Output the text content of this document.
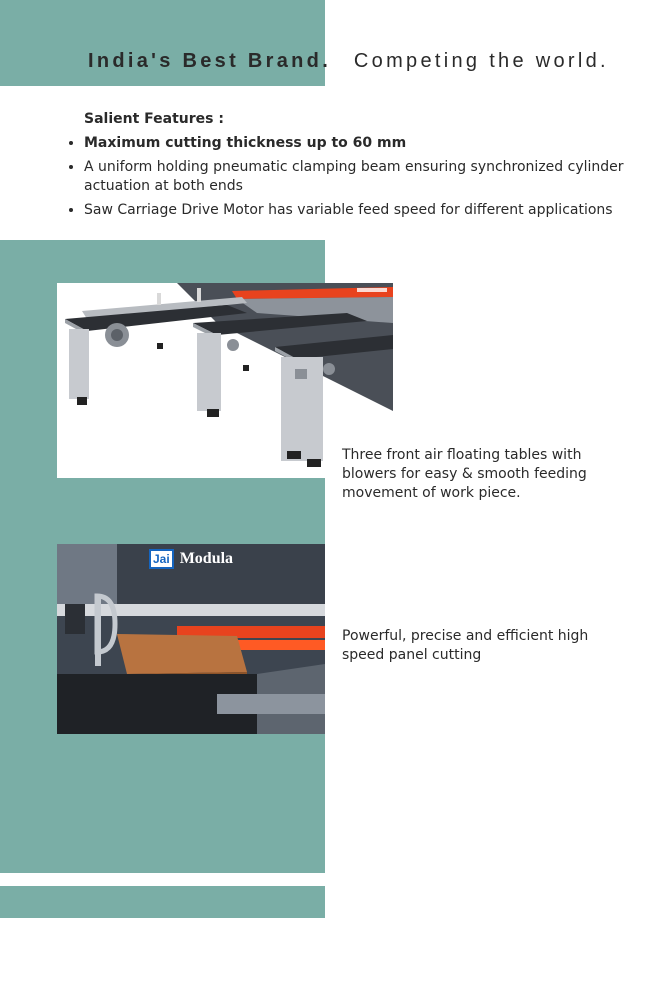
India's Best Brand. Competing the world.
Salient Features :
• Maximum cutting thickness up to 60 mm
• A uniform holding pneumatic clamping beam ensuring synchronized cylinder actuation at both ends
• Saw Carriage Drive Motor has variable feed speed for different applications
Jai Modula
Three front air floating tables with blowers for easy & smooth feeding movement of work piece.
Powerful, precise and efficient high speed panel cutting
